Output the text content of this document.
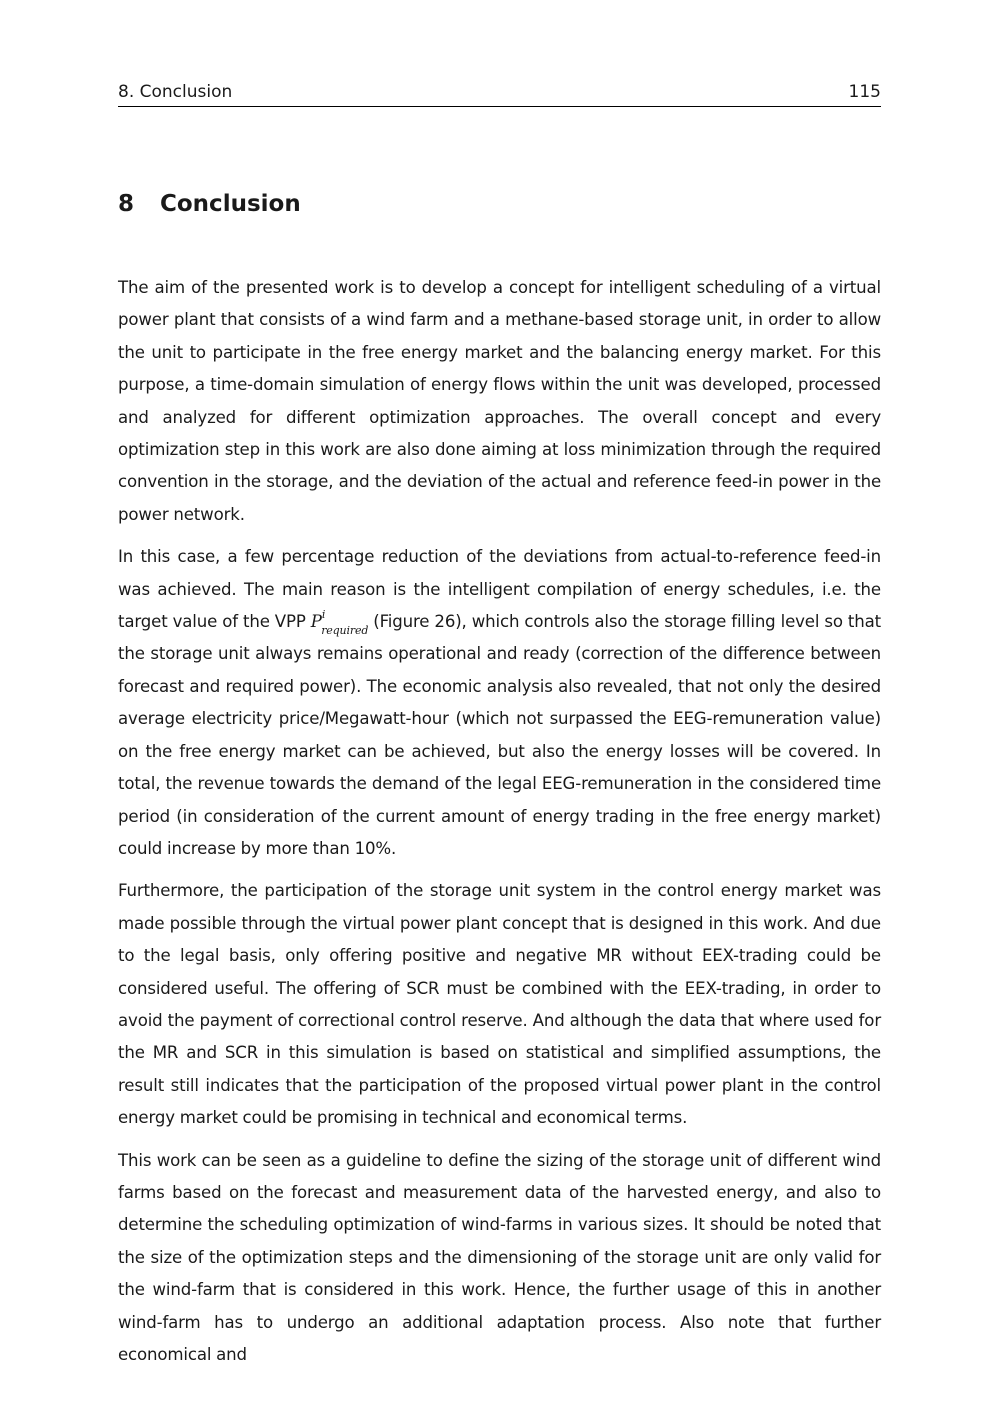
8. Conclusion	115
8 Conclusion

The aim of the presented work is to develop a concept for intelligent scheduling of a virtual power plant that consists of a wind farm and a methane-based storage unit, in order to allow the unit to participate in the free energy market and the balancing energy market. For this purpose, a time-domain simulation of energy flows within the unit was developed, processed and analyzed for different optimization approaches. The overall concept and every optimization step in this work are also done aiming at loss minimization through the required convention in the storage, and the deviation of the actual and reference feed-in power in the power network.

In this case, a few percentage reduction of the deviations from actual-to-reference feed-in was achieved. The main reason is the intelligent compilation of energy schedules, i.e. the target value of the VPP $P^i_{required}$ (Figure 26), which controls also the storage filling level so that the storage unit always remains operational and ready (correction of the difference between forecast and required power). The economic analysis also revealed, that not only the desired average electricity price/Megawatt-hour (which not surpassed the EEG-remuneration value) on the free energy market can be achieved, but also the energy losses will be covered. In total, the revenue towards the demand of the legal EEG-remuneration in the considered time period (in consideration of the current amount of energy trading in the free energy market) could increase by more than 10%.

Furthermore, the participation of the storage unit system in the control energy market was made possible through the virtual power plant concept that is designed in this work. And due to the legal basis, only offering positive and negative MR without EEX-trading could be considered useful. The offering of SCR must be combined with the EEX-trading, in order to avoid the payment of correctional control reserve. And although the data that where used for the MR and SCR in this simulation is based on statistical and simplified assumptions, the result still indicates that the participation of the proposed virtual power plant in the control energy market could be promising in technical and economical terms.

This work can be seen as a guideline to define the sizing of the storage unit of different wind farms based on the forecast and measurement data of the harvested energy, and also to determine the scheduling optimization of wind-farms in various sizes. It should be noted that the size of the optimization steps and the dimensioning of the storage unit are only valid for the wind-farm that is considered in this work. Hence, the further usage of this in another wind-farm has to undergo an additional adaptation process. Also note that further economical and
